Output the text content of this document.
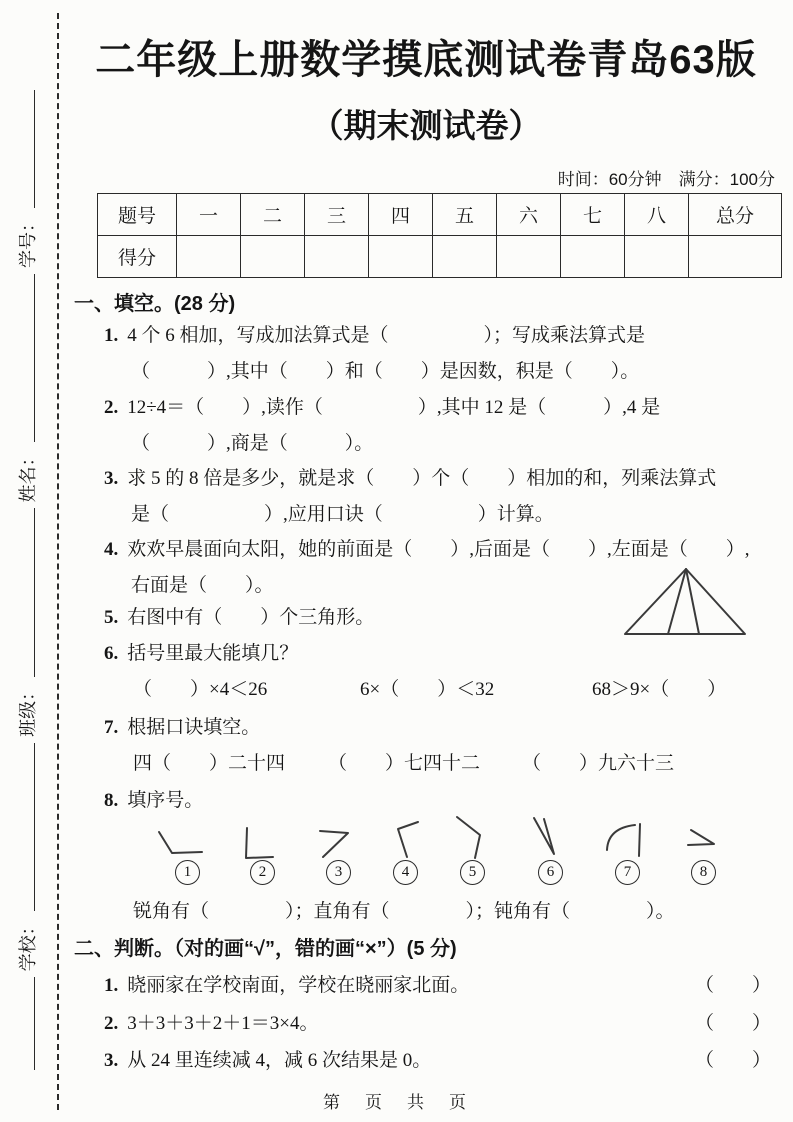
学校：
班级：
姓名：
学号：
二年级上册数学摸底测试卷青岛63版
（期末测试卷）
时间：60分钟　满分：100分
题号	一	二	三	四	五	六	七	八	总分
得分									
一、填空。(28 分)
1. 4 个 6 相加，写成加法算式是（　　　　　）；写成乘法算式是
（　　　）,其中（　　）和（　　）是因数，积是（　　）。
2. 12÷4＝（　　）,读作（　　　　　）,其中 12 是（　　　）,4 是
（　　　）,商是（　　　）。
3. 求 5 的 8 倍是多少，就是求（　　）个（　　）相加的和，列乘法算式
是（　　　　　）,应用口诀（　　　　　）计算。
4. 欢欢早晨面向太阳，她的前面是（　　）,后面是（　　）,左面是（　　）,
右面是（　　）。
5. 右图中有（　　）个三角形。
6. 括号里最大能填几？
（　　）×4＜26	6×（　　）＜32	68＞9×（　　）
7. 根据口诀填空。
四（　　）二十四 （　　）七四十二 （　　）九六十三
8. 填序号。
1	2	3	4	5	6	7	8
锐角有（　　　　）；直角有（　　　　）；钝角有（　　　　）。
二、判断。（对的画“√”，错的画“×”）(5 分)
1. 晓丽家在学校南面，学校在晓丽家北面。	（　　）
2. 3＋3＋3＋2＋1＝3×4。	（　　）
3. 从 24 里连续减 4，减 6 次结果是 0。	（　　）
第　页　共　页
